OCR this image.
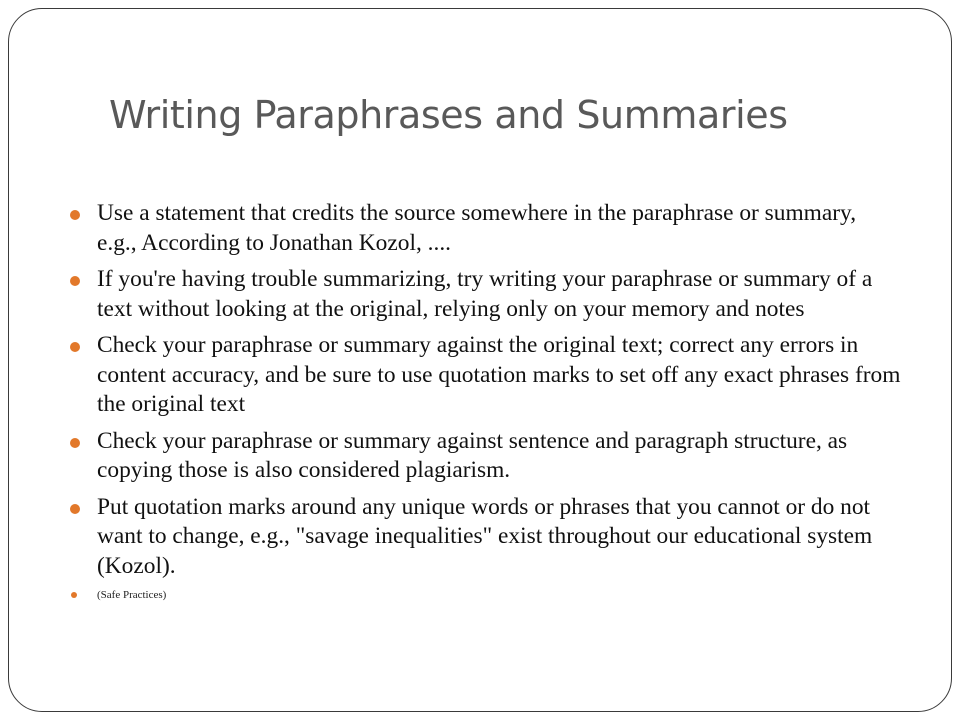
Writing Paraphrases and Summaries
Use a statement that credits the source somewhere in the paraphrase or summary, e.g., According to Jonathan Kozol, ....
If you're having trouble summarizing, try writing your paraphrase or summary of a text without looking at the original, relying only on your memory and notes
Check your paraphrase or summary against the original text; correct any errors in content accuracy, and be sure to use quotation marks to set off any exact phrases from the original text
Check your paraphrase or summary against sentence and paragraph structure, as copying those is also considered plagiarism.
Put quotation marks around any unique words or phrases that you cannot or do not want to change, e.g., "savage inequalities" exist throughout our educational system (Kozol).
(Safe Practices)
